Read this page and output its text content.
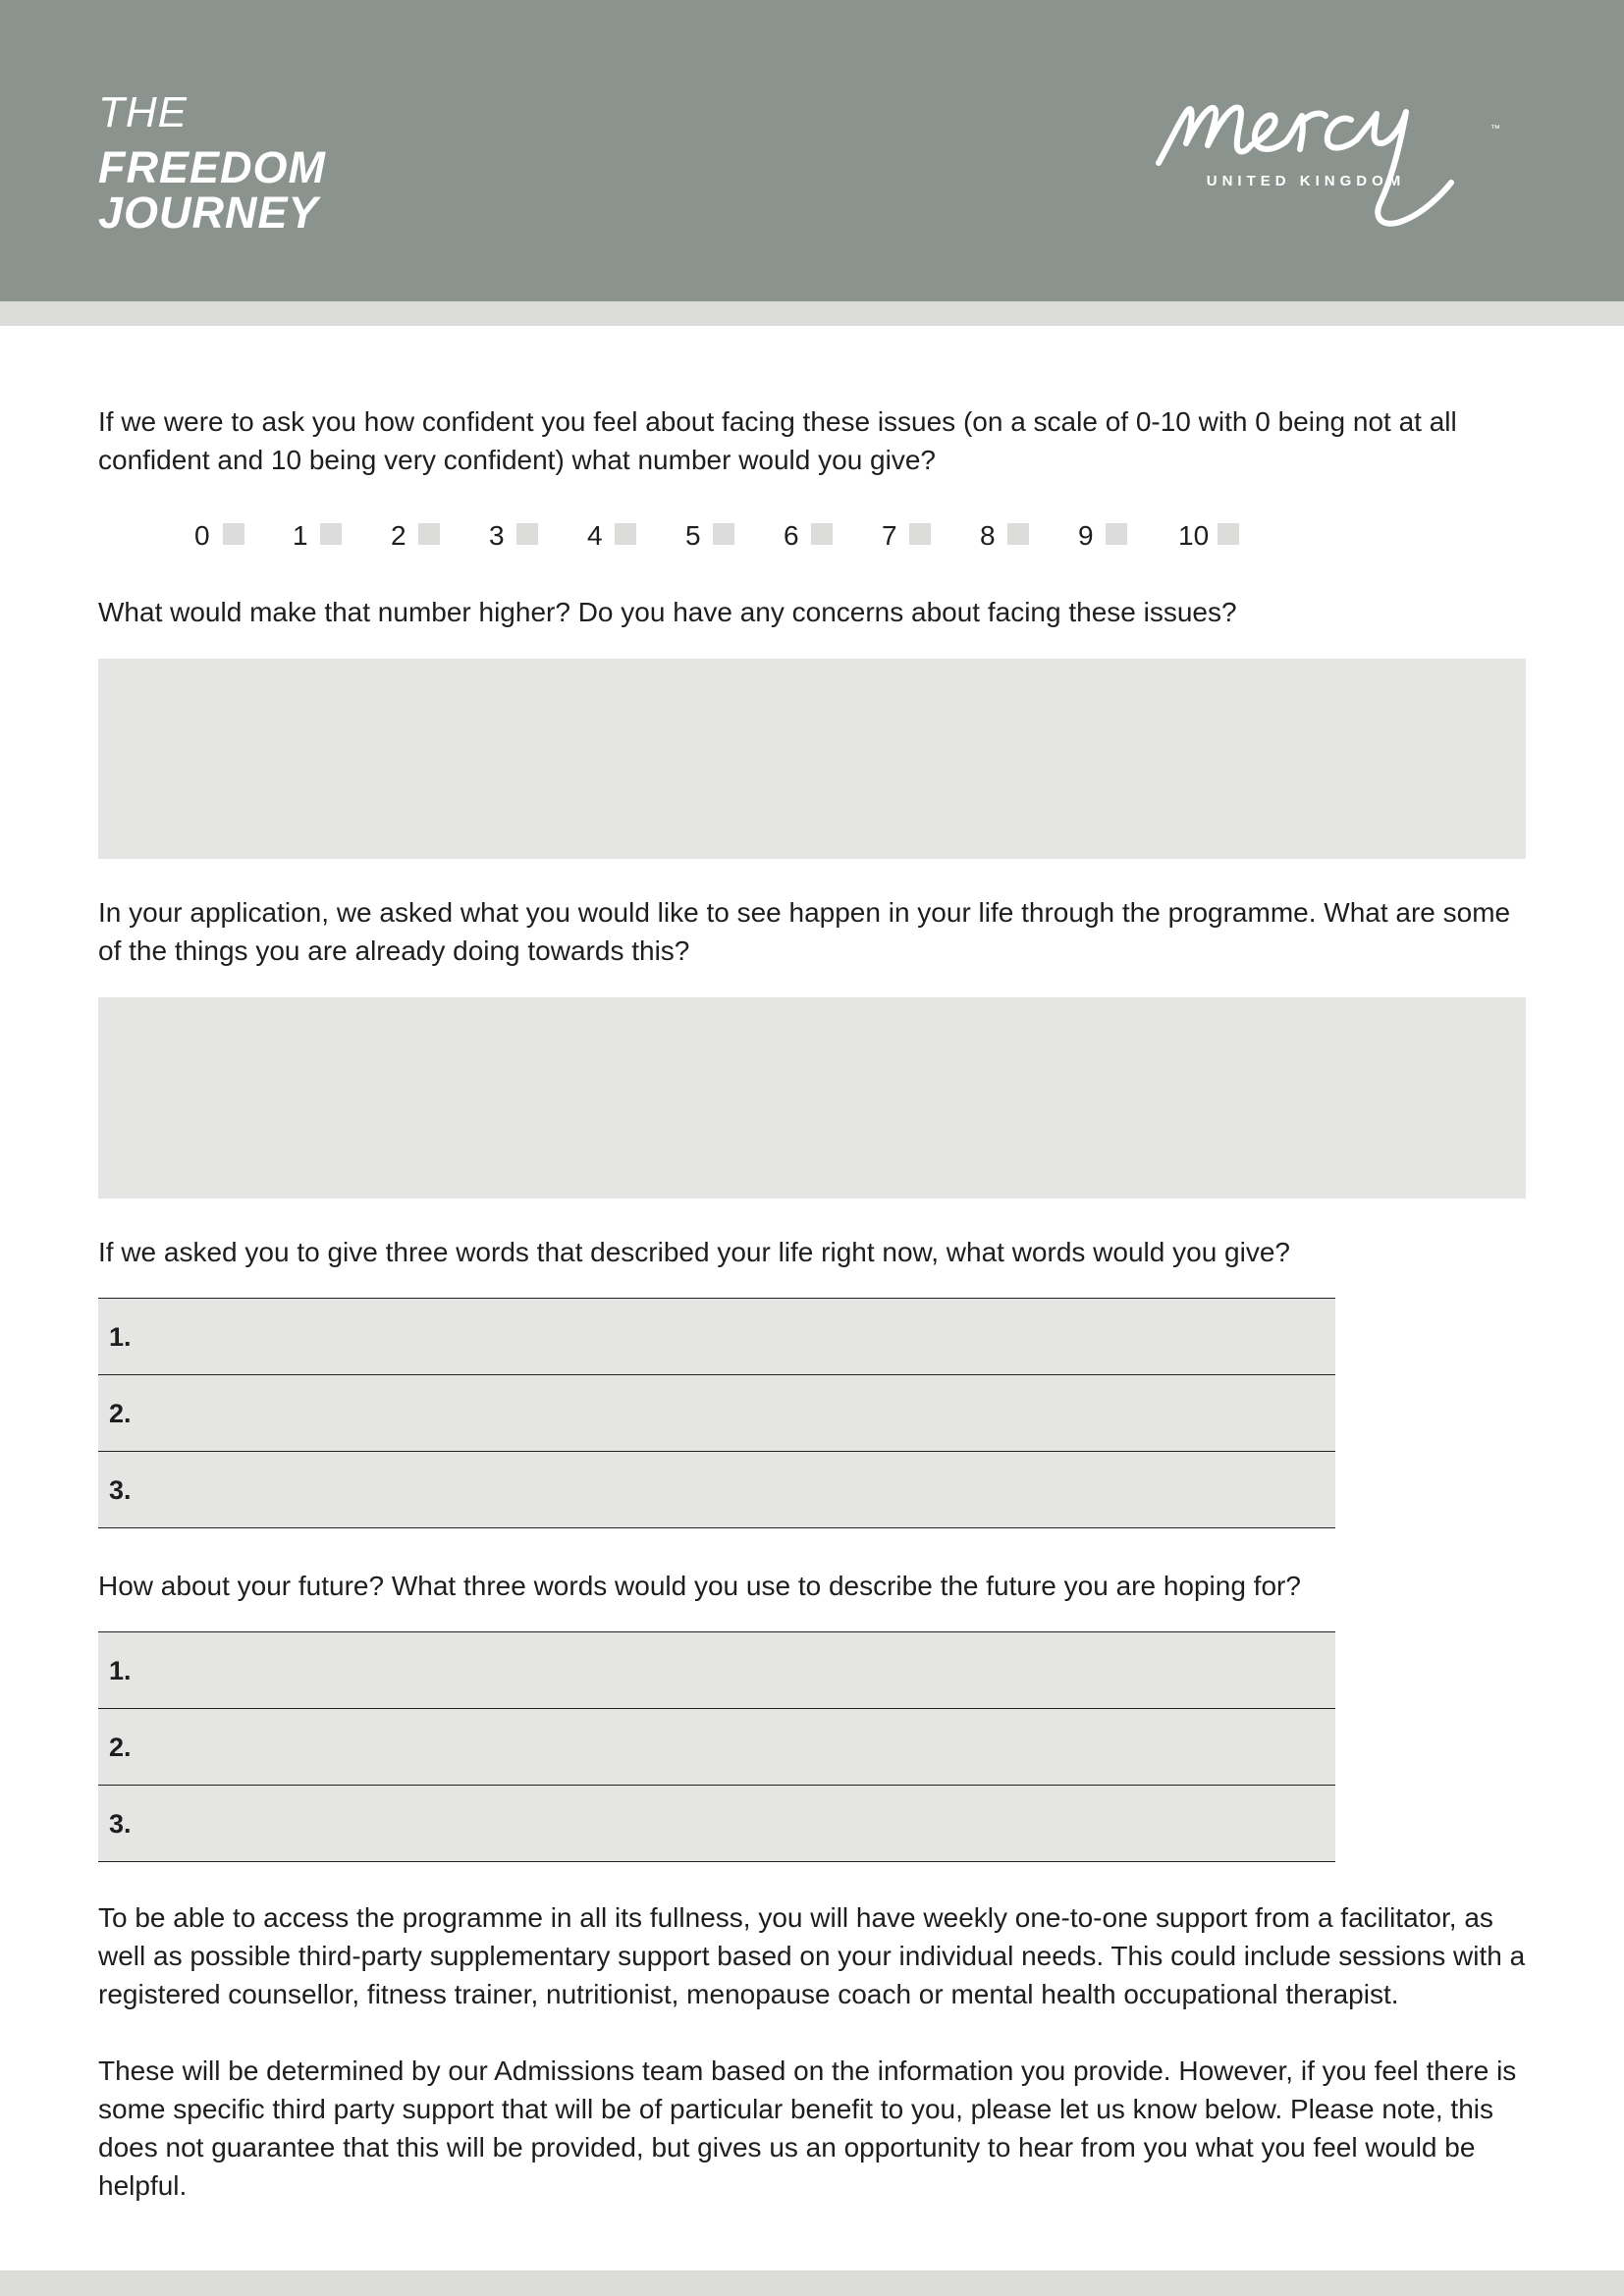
THE
FREEDOM
JOURNEY
UNITED KINGDOM
™

If we were to ask you how confident you feel about facing these issues (on a scale of 0-10 with 0 being not at all confident and 10 being very confident) what number would you give?

0	1	2	3	4	5	6	7	8	9	10

What would make that number higher? Do you have any concerns about facing these issues?

In your application, we asked what you would like to see happen in your life through the programme. What are some of the things you are already doing towards this?

If we asked you to give three words that described your life right now, what words would you give?

1.
2.
3.

How about your future? What three words would you use to describe the future you are hoping for?

1.
2.
3.

To be able to access the programme in all its fullness, you will have weekly one-to-one support from a facilitator, as well as possible third-party supplementary support based on your individual needs. This could include sessions with a registered counsellor, fitness trainer, nutritionist, menopause coach or mental health occupational therapist.

These will be determined by our Admissions team based on the information you provide. However, if you feel there is some specific third party support that will be of particular benefit to you, please let us know below. Please note, this does not guarantee that this will be provided, but gives us an opportunity to hear from you what you feel would be helpful.
